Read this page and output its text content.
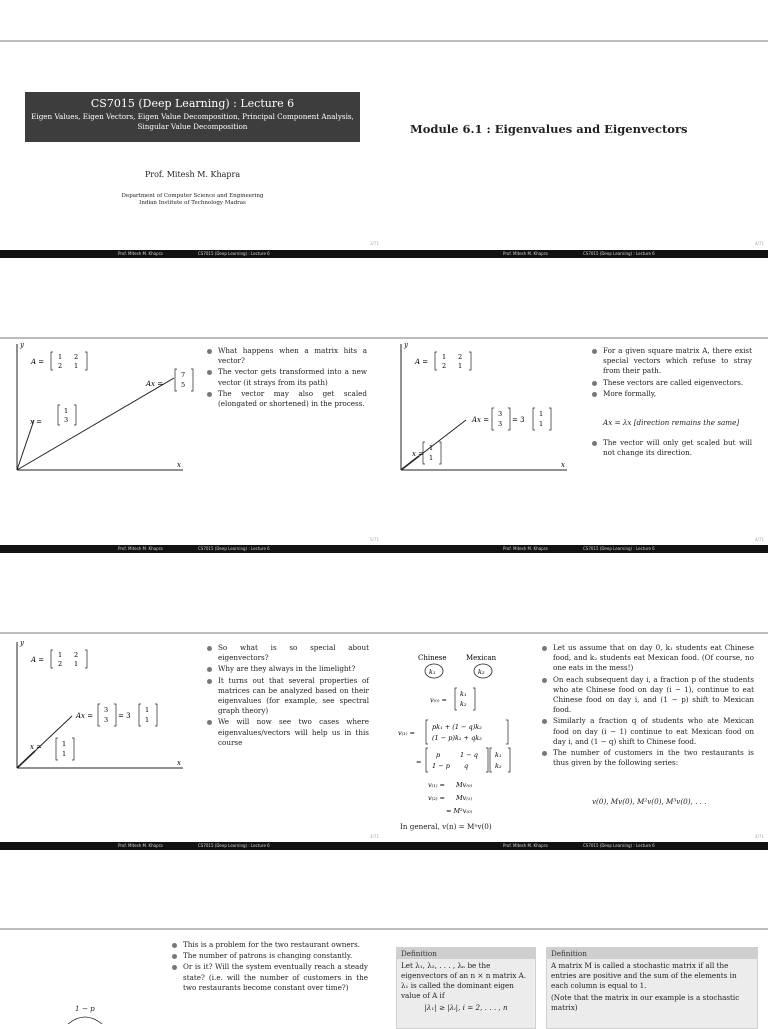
CS7015 (Deep Learning) : Lecture 6
Eigen Values, Eigen Vectors, Eigen Value Decomposition, Principal Component Analysis, Singular Value Decomposition
Prof. Mitesh M. Khapra
Department of Computer Science and Engineering
Indian Institute of Technology Madras
Module 6.1 : Eigenvalues and Eigenvectors
Prof. Mitesh M. Khapra	CS7015 (Deep Learning) : Lecture 6	Prof. Mitesh M. Khapra	CS7015 (Deep Learning) : Lecture 6
3/71	4/71
y
x
A =
1 2
2 1
x =
1
3
Ax =
7
5
What happens when a matrix hits a vector?
The vector gets transformed into a new vector (it strays from its path)
The vector may also get scaled (elongated or shortened) in the process.
y
x
A =
1 2
2 1
x =
1
1
Ax =
3
3 = 3
1
1
For a given square matrix A, there exist special vectors which refuse to stray from their path.
These vectors are called eigenvectors.
More formally,
Ax = λx [direction remains the same]
The vector will only get scaled but will not change its direction.
Prof. Mitesh M. Khapra	CS7015 (Deep Learning) : Lecture 6	Prof. Mitesh M. Khapra	CS7015 (Deep Learning) : Lecture 6
5/71	4/71
y
x
A =
1 2
2 1
x =	1
1
Ax =
3
3 = 3
1
1
So what is so special about eigenvectors?
Why are they always in the limelight?
It turns out that several properties of matrices can be analyzed based on their eigenvalues (for example, see spectral graph theory)
We will now see two cases where eigenvalues/vectors will help us in this course
Chinese	Mexican
k₁	k₂
v₍₀₎ =
k₁
k₂
v₍₁₎ =
pk₁ + (1 − q)k₂
(1 − p)k₁ + qk₂
=
p	1 − q
1 − p q
k₁
k₂
v₍₁₎ = Mv₍₀₎
v₍₂₎ = Mv₍₁₎
= M²v₍₀₎
In general, v(n) = Mⁿv(0)
Let us assume that on day 0, k₁ students eat Chinese food, and k₂ students eat Mexican food. (Of course, no one eats in the mess!)
On each subsequent day i, a fraction p of the students who ate Chinese food on day (i − 1), continue to eat Chinese food on day i, and (1 − p) shift to Mexican food.
Similarly a fraction q of students who ate Mexican food on day (i − 1) continue to eat Mexican food on day i, and (1 − q) shift to Chinese food.
The number of customers in the two restaurants is thus given by the following series:
v(0), Mv(0), M²v(0), M³v(0), . . .
Prof. Mitesh M. Khapra	CS7015 (Deep Learning) : Lecture 6	Prof. Mitesh M. Khapra	CS7015 (Deep Learning) : Lecture 6
4/71	4/71
This is a problem for the two restaurant owners.
The number of patrons is changing constantly.
Or is it? Will the system eventually reach a steady state? (i.e. will the number of customers in the two restaurants become constant over time?)
1 − p
Definition
Let λ₁, λ₂, . . . , λₙ be the eigenvectors of an n × n matrix A. λ₁ is called the dominant eigen value of A if
|λ₁| ≥ |λᵢ|, i = 2, . . . , n
Definition
A matrix M is called a stochastic matrix if all the entries are positive and the sum of the elements in each column is equal to 1.
(Note that the matrix in our example is a stochastic matrix)
